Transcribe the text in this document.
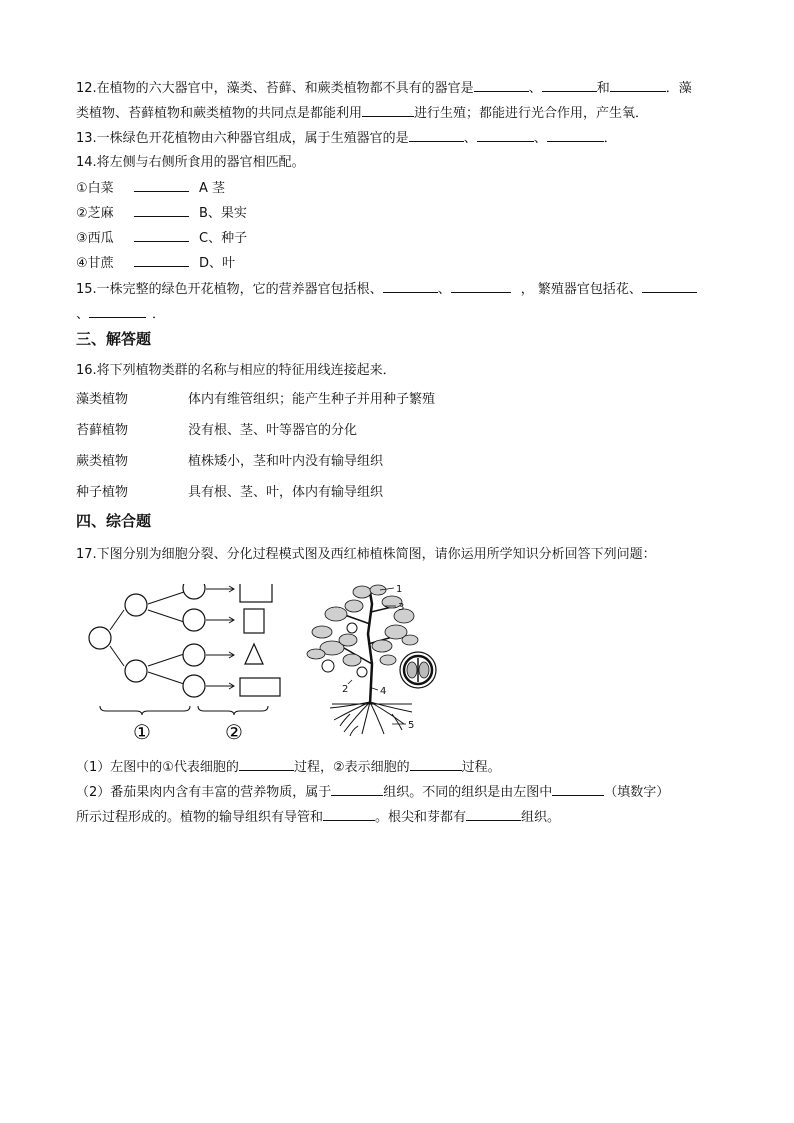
12.在植物的六大器官中，藻类、苔藓、和蕨类植物都不具有的器官是	、	和	．藻
类植物、苔藓植物和蕨类植物的共同点是都能利用	进行生殖；都能进行光合作用，产生氧．
13.一株绿色开花植物由六种器官组成，属于生殖器官的是	、	、	．
14.将左侧与右侧所食用的器官相匹配。
①白菜	A 茎
②芝麻	B、果实
③西瓜	C、种子
④甘蔗	D、叶
15.一株完整的绿色开花植物，它的营养器官包括根、	、	， 繁殖器官包括花、
、	．
三、解答题
16.将下列植物类群的名称与相应的特征用线连接起来．
藻类植物	体内有维管组织；能产生种子并用种子繁殖
苔藓植物	没有根、茎、叶等器官的分化
蕨类植物	植株矮小，茎和叶内没有输导组织
种子植物	具有根、茎、叶，体内有输导组织
四、综合题
17.下图分别为细胞分裂、分化过程模式图及西红柿植株简图，请你运用所学知识分析回答下列问题：
①	②
1
3
2	4
5
（1）左图中的①代表细胞的	过程，②表示细胞的	过程。
（2）番茄果肉内含有丰富的营养物质，属于	组织。不同的组织是由左图中	（填数字）
所示过程形成的。植物的输导组织有导管和	。根尖和芽都有	组织。
